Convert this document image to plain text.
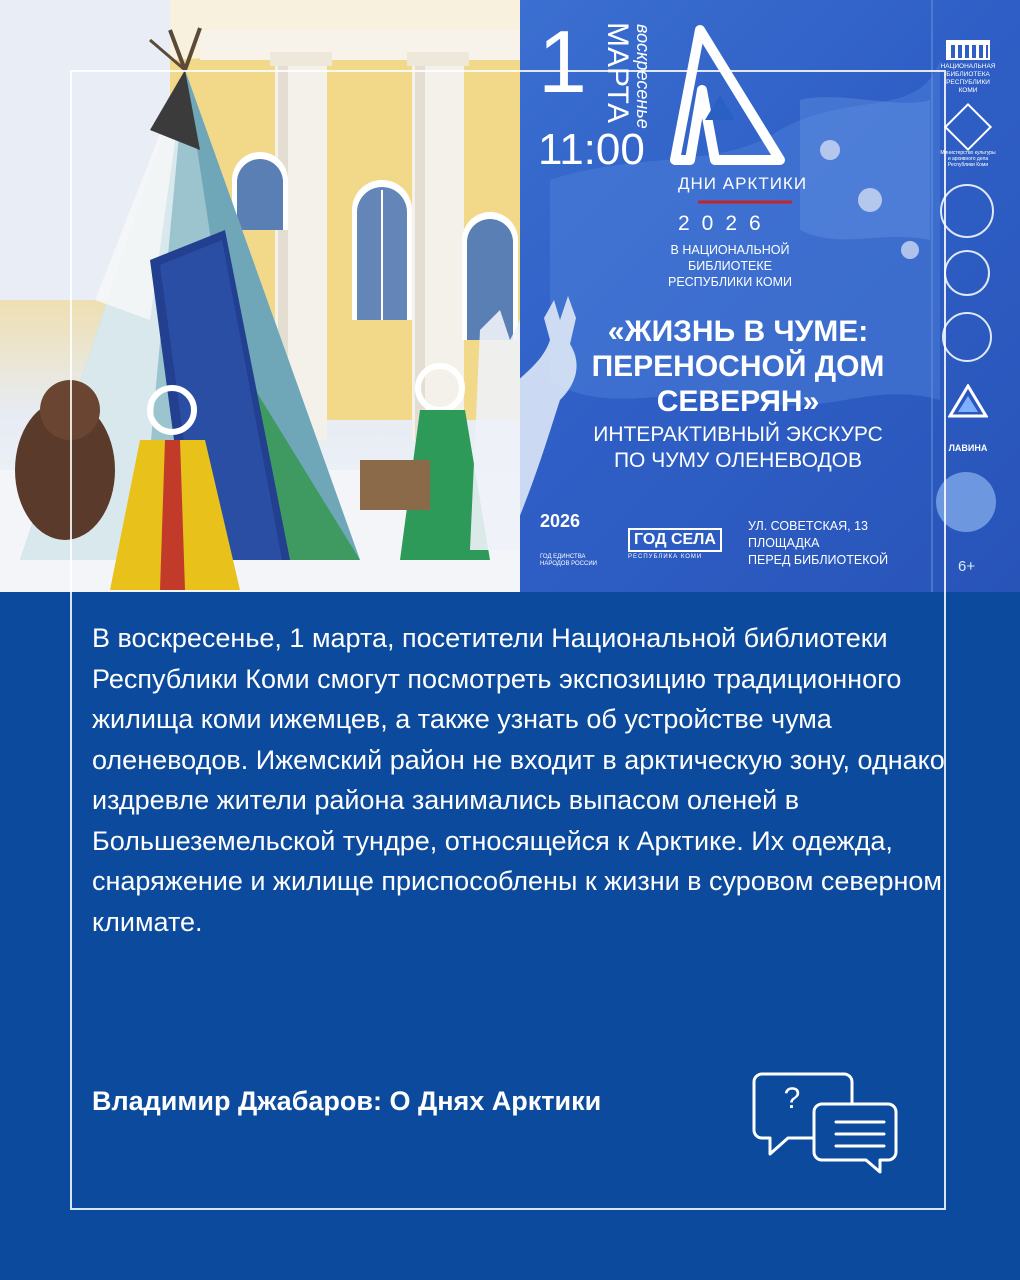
1 МАРТА воскресенье

11:00

ДНИ АРКТИКИ

2026

В НАЦИОНАЛЬНОЙ
БИБЛИОТЕКЕ
РЕСПУБЛИКИ КОМИ
«ЖИЗНЬ В ЧУМЕ:
ПЕРЕНОСНОЙ ДОМ
СЕВЕРЯН»
ИНТЕРАКТИВНЫЙ ЭКСКУРС
ПО ЧУМУ ОЛЕНЕВОДОВ
2026
ГОД ЕДИНСТВА НАРОДОВ РОССИИ
ГОД СЕЛА
РЕСПУБЛИКА КОМИ
УЛ. СОВЕТСКАЯ, 13
ПЛОЩАДКА
ПЕРЕД БИБЛИОТЕКОЙ
НАЦИОНАЛЬНАЯ
БИБЛИОТЕКА
РЕСПУБЛИКИ КОМИ
Министерство культуры
и архивного дела
Республики Коми
ЛАВИНА
6+

В воскресенье, 1 марта, посетители Национальной библиотеки Республики Коми смогут посмотреть экспозицию традиционного жилища коми ижемцев, а также узнать об устройстве чума оленеводов. Ижемский район не входит в арктическую зону, однако издревле жители района занимались выпасом оленей в Большеземельской тундре, относящейся к Арктике. Их одежда, снаряжение и жилище приспособлены к жизни в суровом северном климате.

Владимир Джабаров: О Днях Арктики	?
